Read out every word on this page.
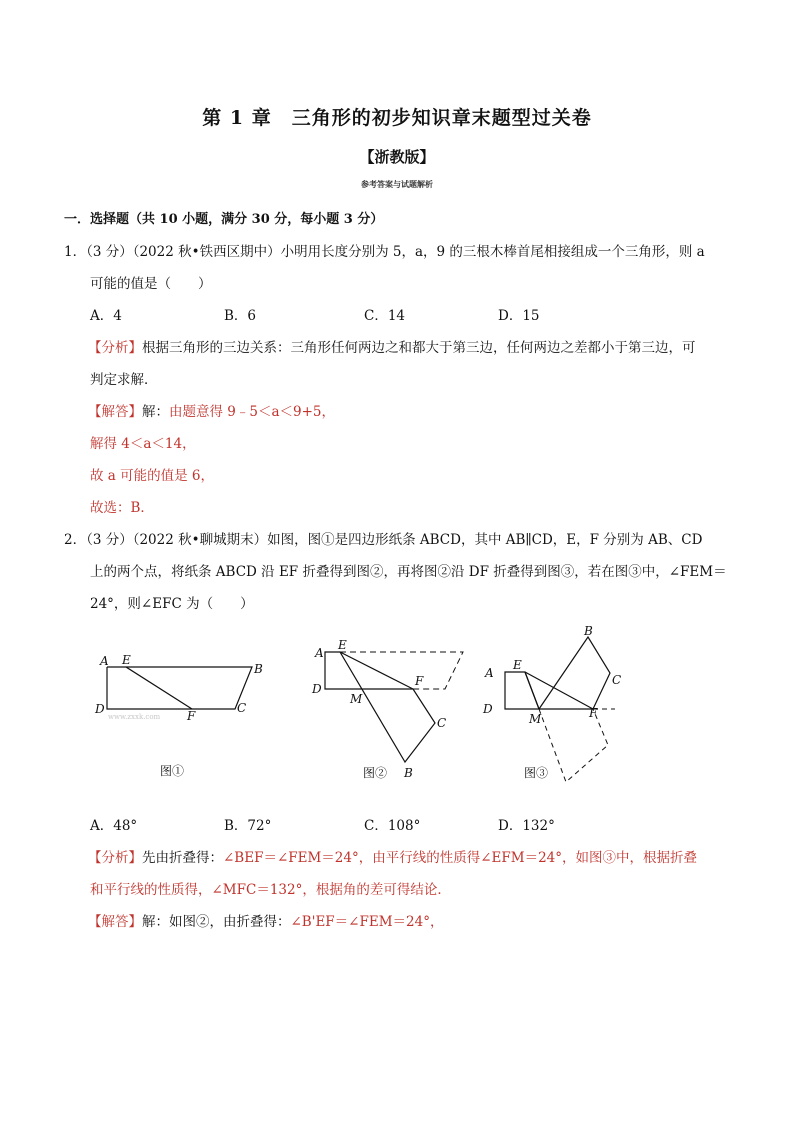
第 1 章　三角形的初步知识章末题型过关卷
【浙教版】
参考答案与试题解析
一．选择题（共 10 小题，满分 30 分，每小题 3 分）
1．（3 分）（2022 秋•铁西区期中）小明用长度分别为 5，a，9 的三根木棒首尾相接组成一个三角形，则 a
可能的值是（　　）
A．4	B．6	C．14	D．15
【分析】根据三角形的三边关系：三角形任何两边之和都大于第三边，任何两边之差都小于第三边，可
判定求解．
【解答】解：由题意得 9﹣5＜a＜9+5，
解得 4＜a＜14，
故 a 可能的值是 6，
故选：B．
2．（3 分）（2022 秋•聊城期末）如图，图①是四边形纸条 ABCD，其中 AB∥CD，E，F 分别为 AB、CD
上的两个点，将纸条 ABCD 沿 EF 折叠得到图②，再将图②沿 DF 折叠得到图③，若在图③中，∠FEM＝
24°，则∠EFC 为（　　）
A E
B
D	F
C
www.zxxk.com
图①
A
E
D
M
F
C
B
图②
A
E
B
C
D
M	F
图③
A．48°	B．72°	C．108°	D．132°
【分析】先由折叠得：∠BEF＝∠FEM＝24°，由平行线的性质得∠EFM＝24°，如图③中，根据折叠
和平行线的性质得，∠MFC＝132°，根据角的差可得结论．
【解答】解：如图②，由折叠得：∠B'EF＝∠FEM＝24°，
